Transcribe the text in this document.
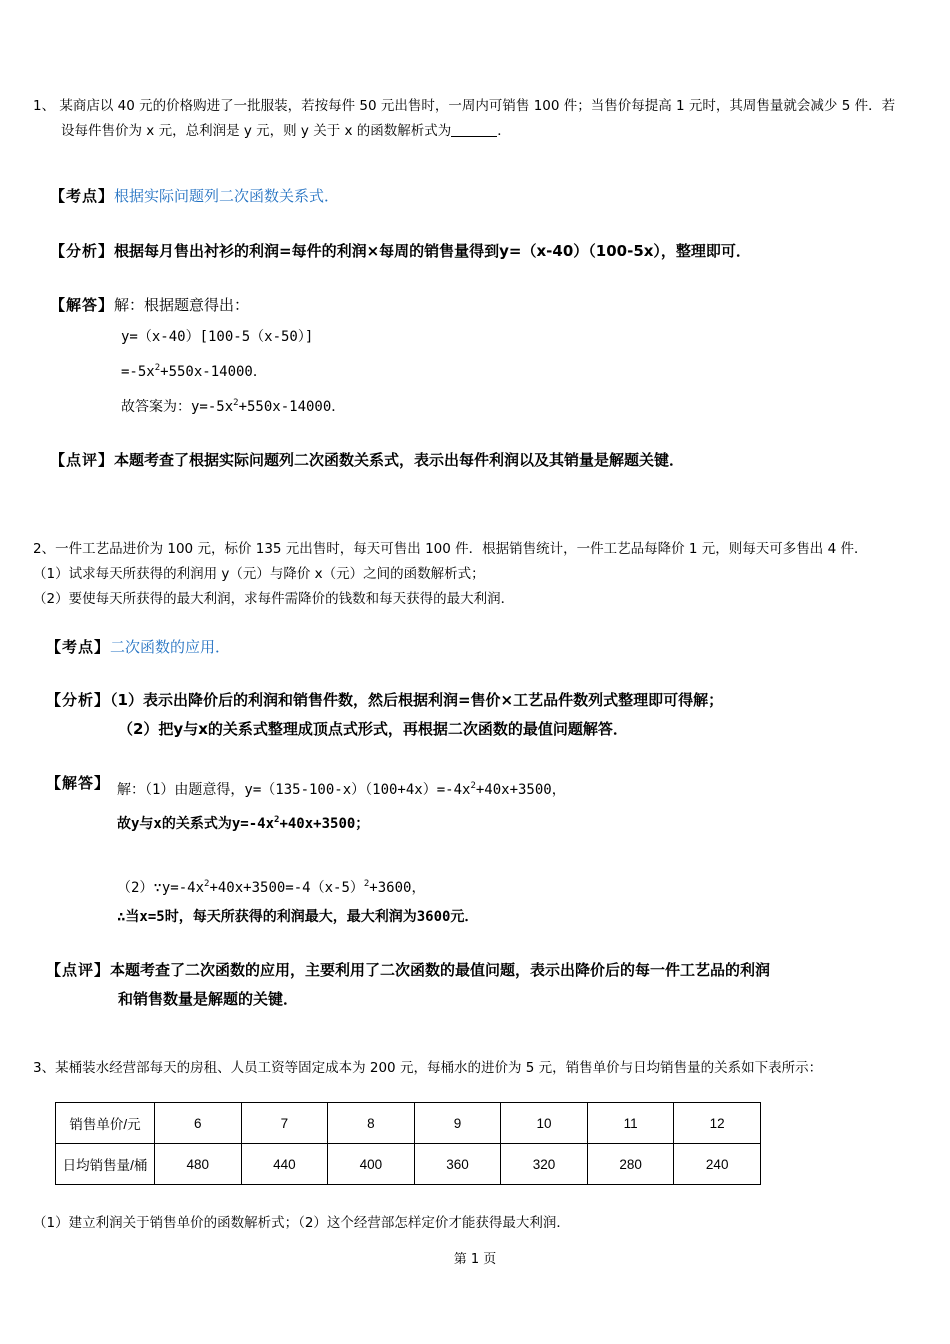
1、 某商店以 40 元的价格购进了一批服装，若按每件 50 元出售时，一周内可销售 100 件；当售价每提高 1 元时，其周售量就会减少 5 件．若
设每件售价为 x 元，总利润是 y 元，则 y 关于 x 的函数解析式为	．
【考点】根据实际问题列二次函数关系式．
【分析】根据每月售出衬衫的利润=每件的利润×每周的销售量得到y=（x-40）（100-5x），整理即可．
【解答】解：根据题意得出：
y=（x-40）[100-5（x-50）]
$=-5x^2+550x-14000$．
故答案为：$y=-5x^2+550x-14000$．
【点评】本题考查了根据实际问题列二次函数关系式，表示出每件利润以及其销量是解题关键．
2、一件工艺品进价为 100 元，标价 135 元出售时，每天可售出 100 件．根据销售统计，一件工艺品每降价 1 元，则每天可多售出 4 件．
（1）试求每天所获得的利润用 y（元）与降价 x（元）之间的函数解析式；
（2）要使每天所获得的最大利润，求每件需降价的钱数和每天获得的最大利润．
【考点】二次函数的应用．
【分析】（1）表示出降价后的利润和销售件数，然后根据利润=售价×工艺品件数列式整理即可得解；
（2）把y与x的关系式整理成顶点式形式，再根据二次函数的最值问题解答．
【解答】 解：（1）由题意得，$y=(135-100-x)(100+4x)=-4x^2+40x+3500$，
故y与x的关系式为$y=-4x^2+40x+3500$；
$(2)\because y=-4x^2+40x+3500=-4(x-5)^2+3600$，
∴当x=5时，每天所获得的利润最大，最大利润为3600元．
【点评】本题考查了二次函数的应用，主要利用了二次函数的最值问题，表示出降价后的每一件工艺品的利润
和销售数量是解题的关键．
3、某桶装水经营部每天的房租、人员工资等固定成本为 200 元，每桶水的进价为 5 元，销售单价与日均销售量的关系如下表所示：
销售单价/元	6	7	8	9	10	11	12
日均销售量/桶	480	440	400	360	320	280	240
（1）建立利润关于销售单价的函数解析式；（2）这个经营部怎样定价才能获得最大利润．
第 1 页
